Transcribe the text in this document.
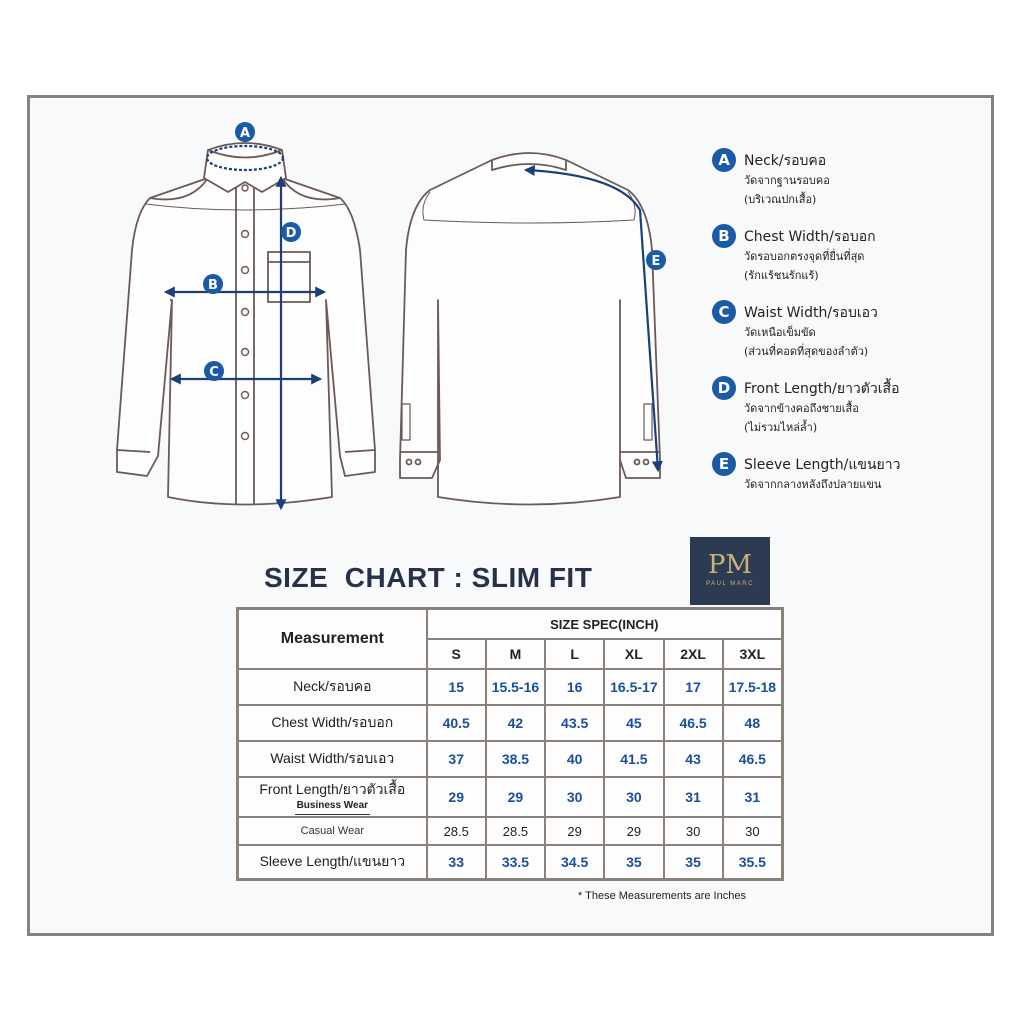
A
B
C
D
E
A	Neck/รอบคอ
วัดจากฐานรอบคอ
(บริเวณปกเสื้อ)
B	Chest Width/รอบอก
วัดรอบอกตรงจุดที่ยื่นที่สุด
(รักแร้ชนรักแร้)
C	Waist Width/รอบเอว
วัดเหนือเข็มขัด
(ส่วนที่คอดที่สุดของลำตัว)
D Front Length/ยาวตัวเสื้อ
วัดจากข้างคอถึงชายเสื้อ
(ไม่รวมไหล่ล้ำ)
E	Sleeve Length/แขนยาว
วัดจากกลางหลังถึงปลายแขน
SIZE  CHART : SLIM FIT	PM
PAUL MARC
Measurement	SIZE SPEC(INCH)					
	S	M	L	XL	2XL	3XL
Neck/รอบคอ	15	15.5-16	16	16.5-17	17	17.5-18
Chest Width/รอบอก	40.5	42	43.5	45	46.5	48
Waist Width/รอบเอว	37	38.5	40	41.5	43	46.5

Front Length/ยาวตัวเสื้อ
Business Wear	29	29	30	30	31	31
Casual Wear	28.5	28.5	29	29	30	30
Sleeve Length/แขนยาว	33	33.5	34.5	35	35	35.5
* These Measurements are Inches
